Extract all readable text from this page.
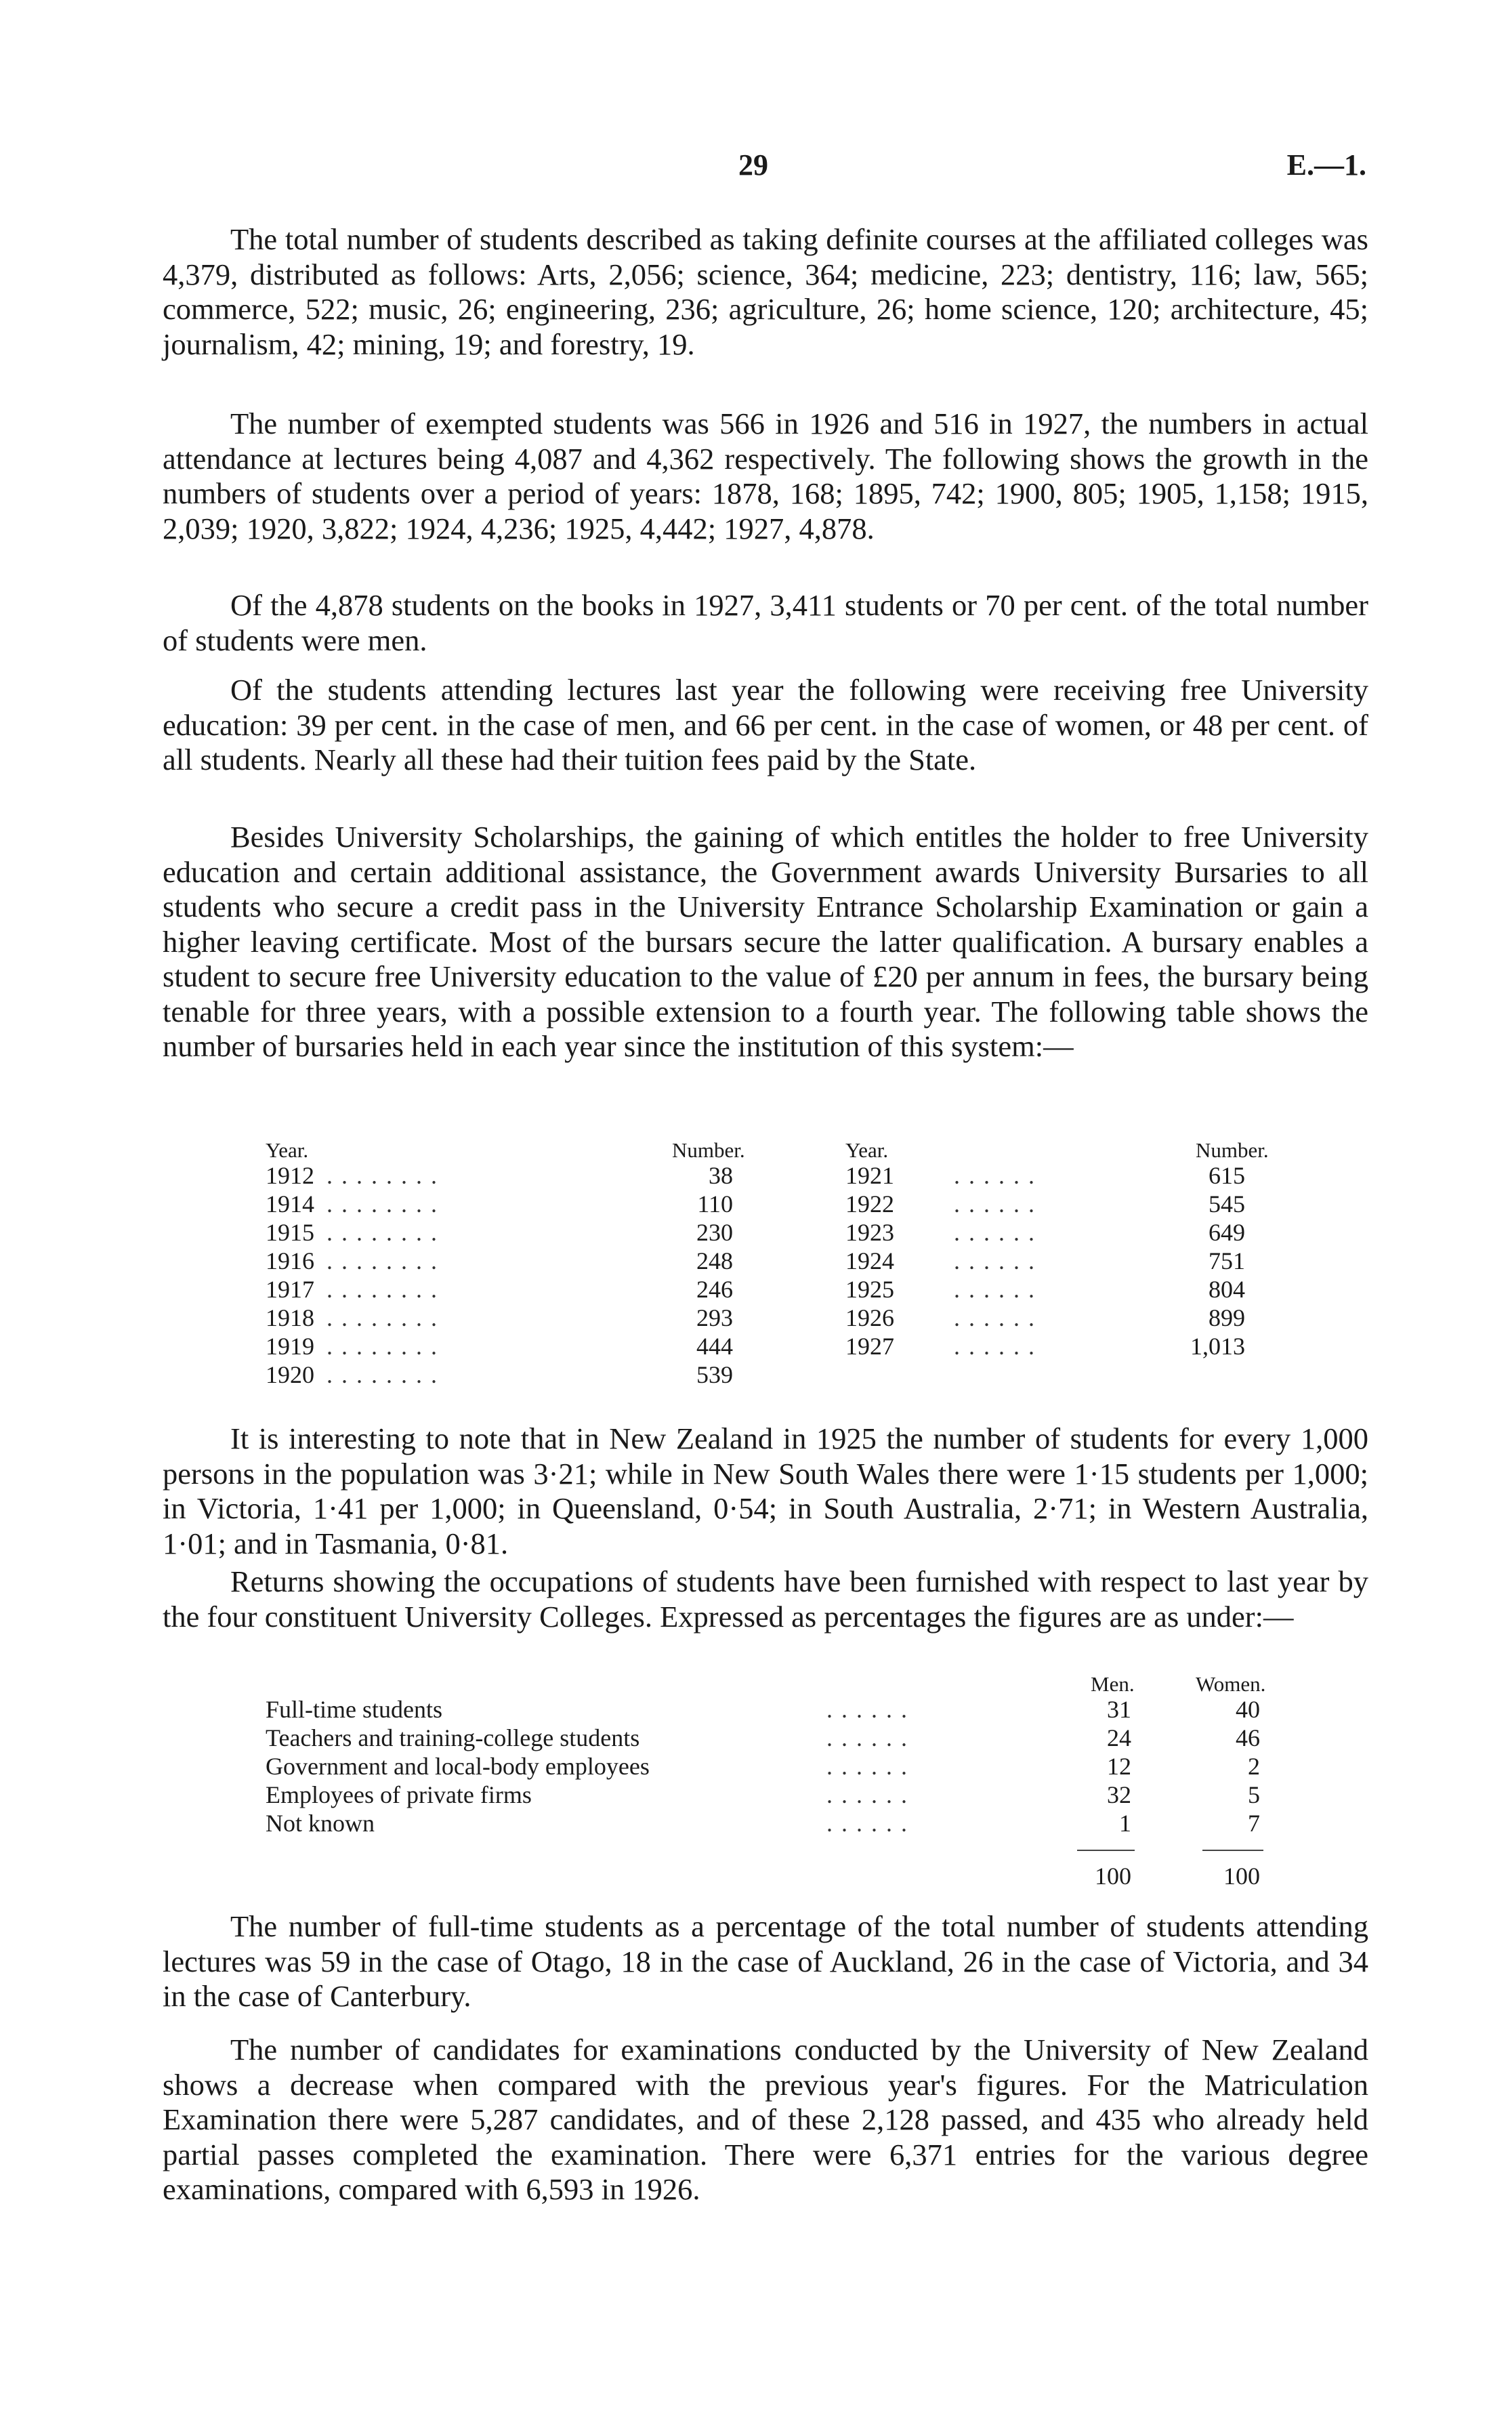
29	E.—1.

The total number of students described as taking definite courses at the affiliated colleges was 4,379, distributed as follows: Arts, 2,056; science, 364; medicine, 223; dentistry, 116; law, 565; commerce, 522; music, 26; engineering, 236; agriculture, 26; home science, 120; architecture, 45; journalism, 42; mining, 19; and forestry, 19.

The number of exempted students was 566 in 1926 and 516 in 1927, the numbers in actual attendance at lectures being 4,087 and 4,362 respectively. The following shows the growth in the numbers of students over a period of years: 1878, 168; 1895, 742; 1900, 805; 1905, 1,158; 1915, 2,039; 1920, 3,822; 1924, 4,236; 1925, 4,442; 1927, 4,878.

Of the 4,878 students on the books in 1927, 3,411 students or 70 per cent. of the total number of students were men.

Of the students attending lectures last year the following were receiving free University education: 39 per cent. in the case of men, and 66 per cent. in the case of women, or 48 per cent. of all students. Nearly all these had their tuition fees paid by the State.

Besides University Scholarships, the gaining of which entitles the holder to free University education and certain additional assistance, the Government awards University Bursaries to all students who secure a credit pass in the University Entrance Scholarship Examination or gain a higher leaving certificate. Most of the bursars secure the latter qualification. A bursary enables a student to secure free University education to the value of £20 per annum in fees, the bursary being tenable for three years, with a possible extension to a fourth year. The following table shows the number of bursaries held in each year since the institution of this system:—

Year.	Number.	Year.	Number.
1912 . . . . . . . .	38
1914 . . . . . . . .	110
1915 . . . . . . . .	230
1916 . . . . . . . .	248
1917 . . . . . . . .	246
1918 . . . . . . . .	293
1919 . . . . . . . .	444
1920 . . . . . . . .	539
1921 . . . . . .	615
1922 . . . . . .	545
1923 . . . . . .	649
1924 . . . . . .	751
1925 . . . . . .	804
1926 . . . . . .	899
1927 . . . . . .	1,013

It is interesting to note that in New Zealand in 1925 the number of students for every 1,000 persons in the population was 3·21; while in New South Wales there were 1·15 students per 1,000; in Victoria, 1·41 per 1,000; in Queensland, 0·54; in South Australia, 2·71; in Western Australia, 1·01; and in Tasmania, 0·81.

Returns showing the occupations of students have been furnished with respect to last year by the four constituent University Colleges. Expressed as percentages the figures are as under:—

Men.	Women.
Full-time students	. . . . . .	31	40
Teachers and training-college students	. . . . . .	24	46
Government and local-body employees	. . . . . .	12	2
Employees of private firms	. . . . . .	32	5
Not known	. . . . . .	1	7
100	100

The number of full-time students as a percentage of the total number of students attending lectures was 59 in the case of Otago, 18 in the case of Auckland, 26 in the case of Victoria, and 34 in the case of Canterbury.

The number of candidates for examinations conducted by the University of New Zealand shows a decrease when compared with the previous year's figures. For the Matriculation Examination there were 5,287 candidates, and of these 2,128 passed, and 435 who already held partial passes completed the examination. There were 6,371 entries for the various degree examinations, compared with 6,593 in 1926.
